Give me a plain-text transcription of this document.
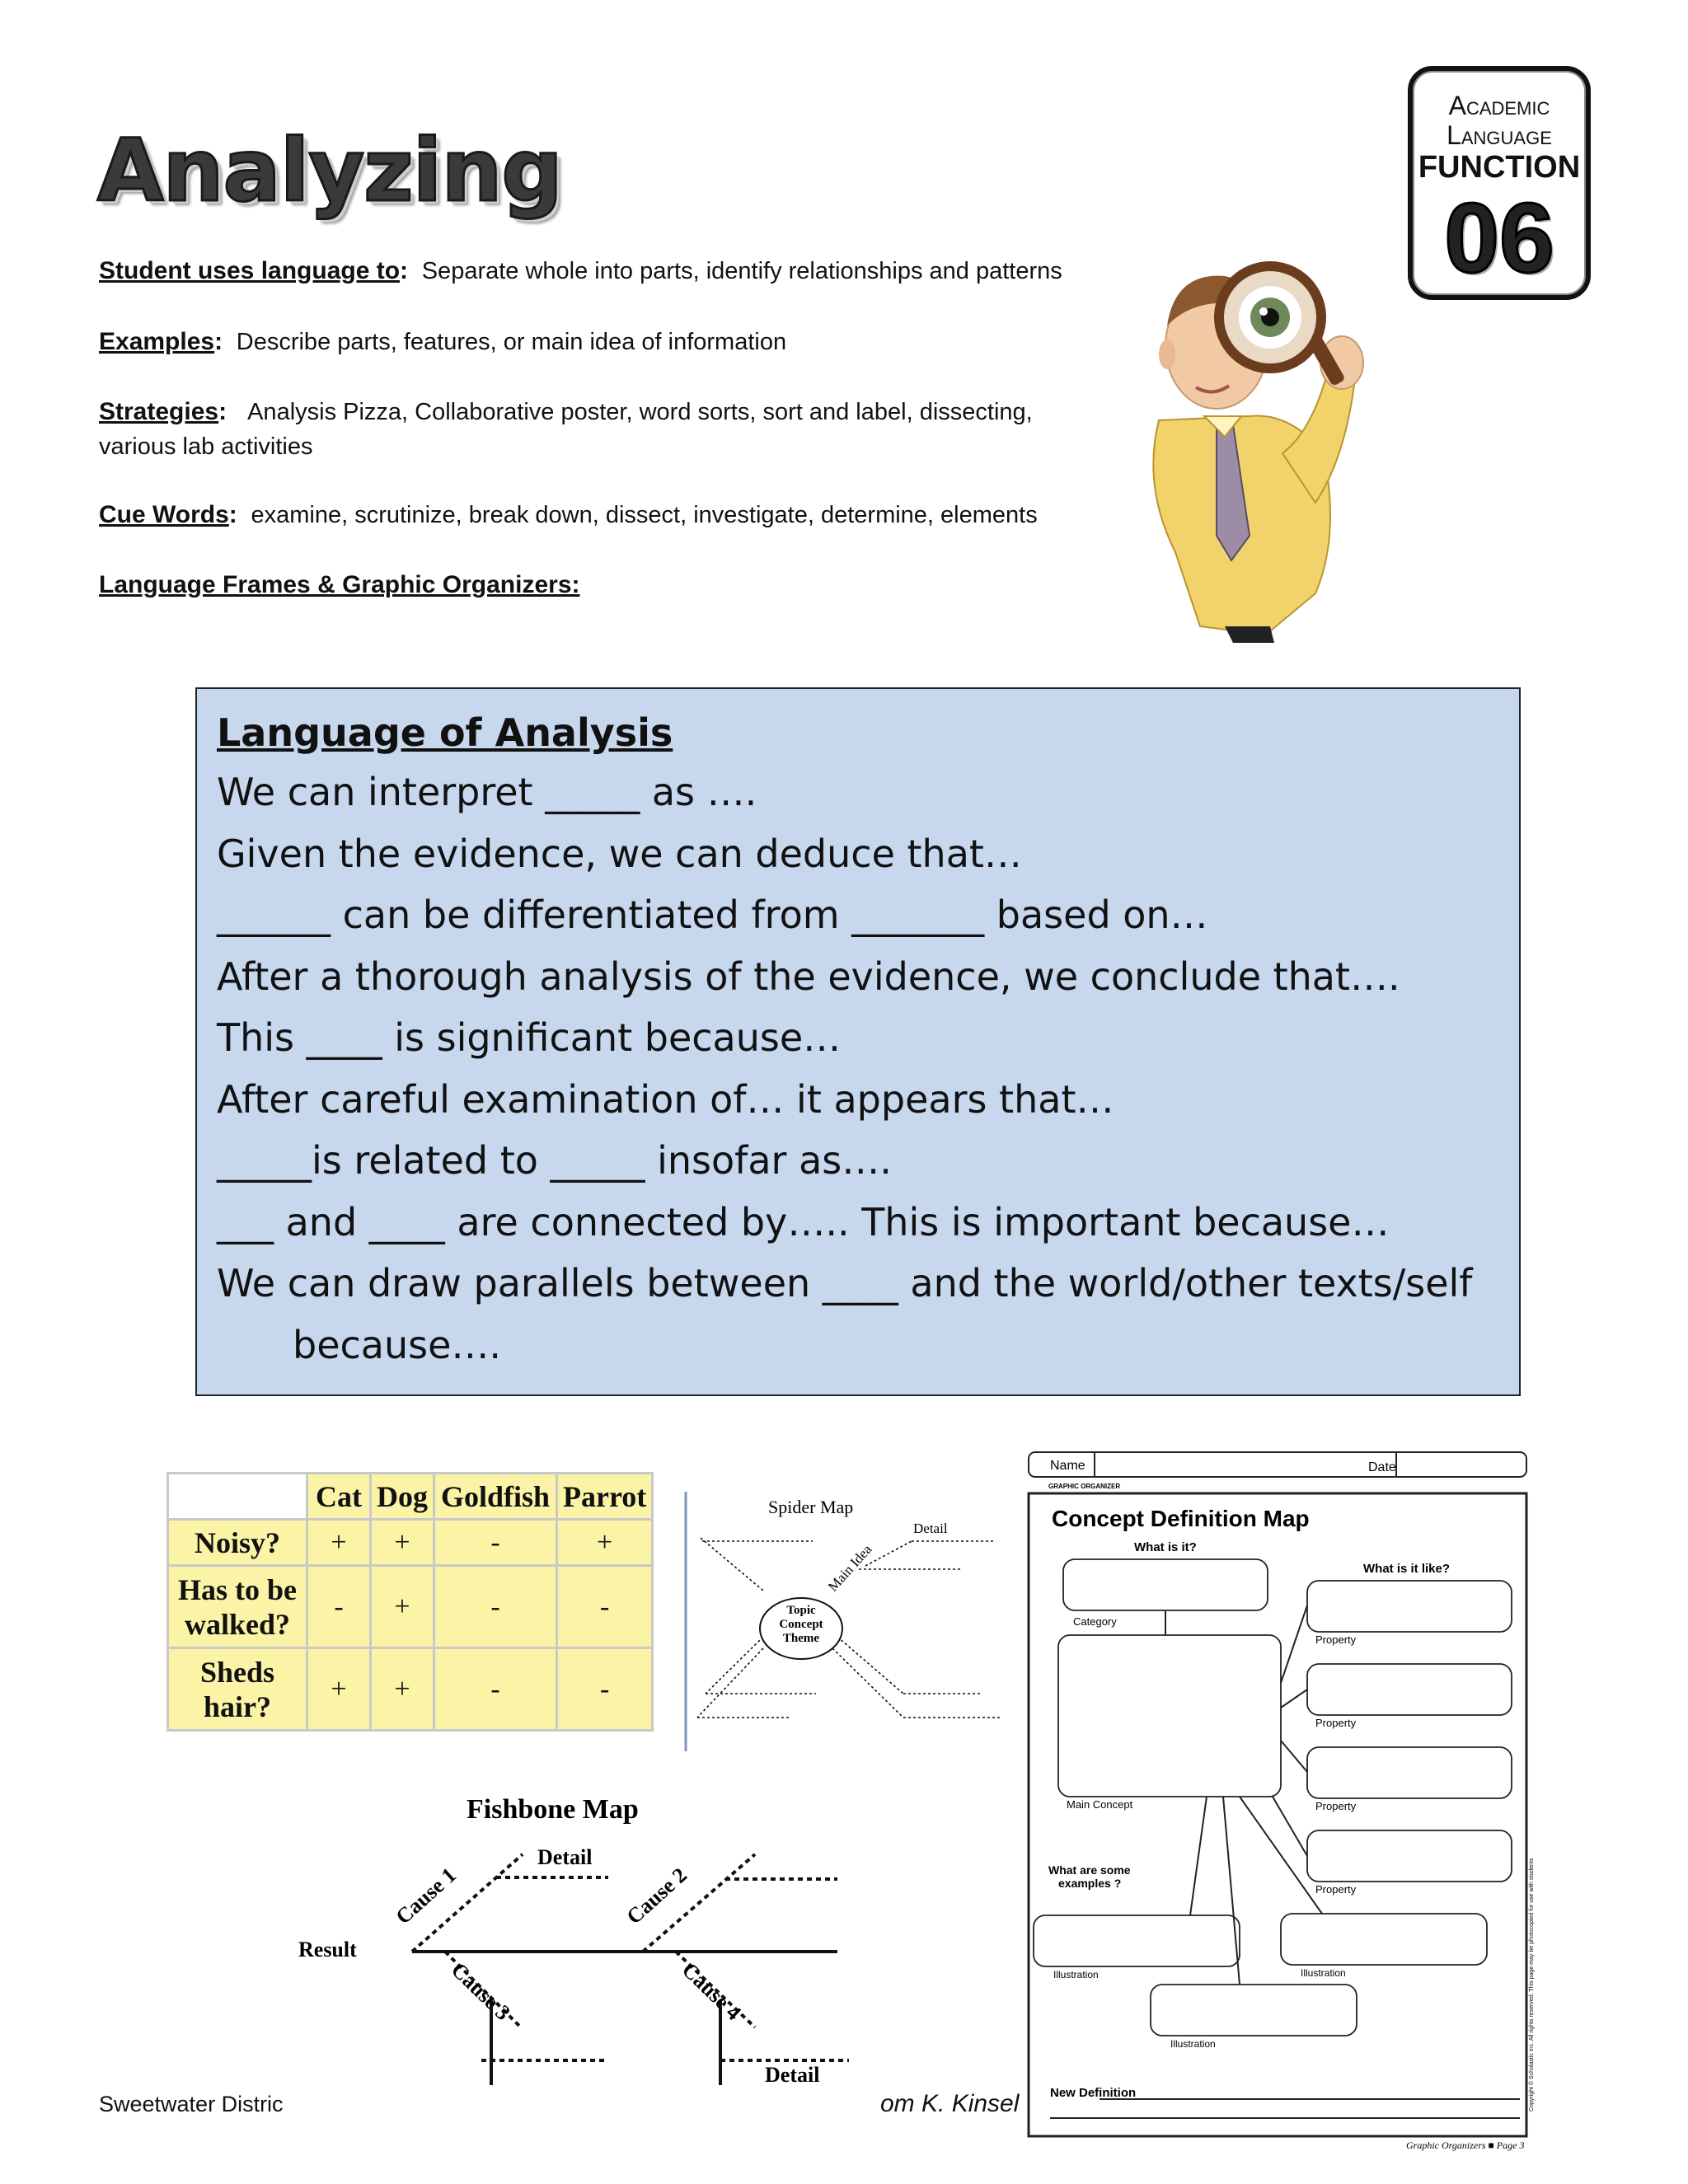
Analyzing
Academic
Language
FUNCTION
06
Student uses language to: Separate whole into parts, identify relationships and patterns
Examples: Describe parts, features, or main idea of information
Strategies: Analysis Pizza, Collaborative poster, word sorts, sort and label, dissecting,
various lab activities
Cue Words: examine, scrutinize, break down, dissect, investigate, determine, elements
Language Frames & Graphic Organizers:
Language of Analysis
We can interpret _____ as ….
Given the evidence, we can deduce that…
______ can be differentiated from _______ based on…
After a thorough analysis of the evidence, we conclude that….
This ____ is significant because…
After careful examination of… it appears that…
_____is related to _____ insofar as….
___ and ____ are connected by….. This is important because…
We can draw parallels between ____ and the world/other texts/self
because….
	Cat	Dog	Goldfish	Parrot
Noisy?	+	+	-	+
Has to be walked?	-	+	-	-
Sheds hair?	+	+	-	-
Spider Map
Detail
Main Idea
Topic
Concept
Theme
Fishbone Map
Result
Detail
Detail
Cause 1	Cause 2
Cause 3	Cause 4
Name	Date
GRAPHIC ORGANIZER
Concept Definition Map
What is it?
What is it like?
Category
Main Concept
Property
Property
Property
Property
What are some
examples ?
Illustration	Illustration
Illustration
New Definition	Copyright © Scholastic Inc. All rights reserved. This page may be photocopied for use with students
Graphic Organizers ■ Page 3
Sweetwater Distric	om K. Kinsel
